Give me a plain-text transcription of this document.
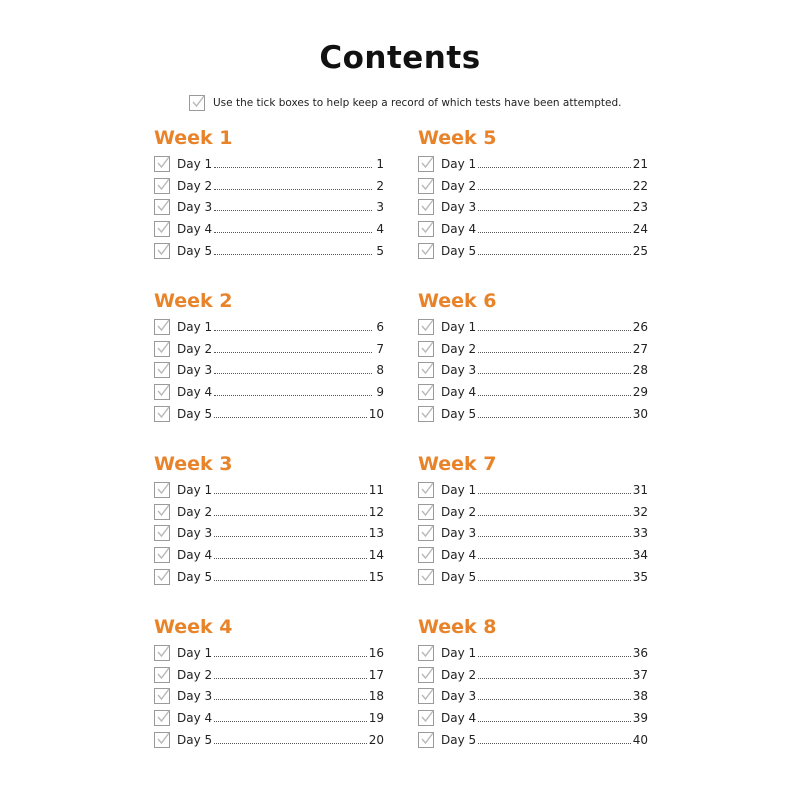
Contents
Use the tick boxes to help keep a record of which tests have been attempted.
Week 1
Day 1	1
Day 2	2
Day 3	3
Day 4	4
Day 5	5
Week 2
Day 1	6
Day 2	7
Day 3	8
Day 4	9
Day 5	10
Week 3
Day 1	11
Day 2	12
Day 3	13
Day 4	14
Day 5	15
Week 4
Day 1	16
Day 2	17
Day 3	18
Day 4	19
Day 5	20
Week 5
Day 1	21
Day 2	22
Day 3	23
Day 4	24
Day 5	25
Week 6
Day 1	26
Day 2	27
Day 3	28
Day 4	29
Day 5	30
Week 7
Day 1	31
Day 2	32
Day 3	33
Day 4	34
Day 5	35
Week 8
Day 1	36
Day 2	37
Day 3	38
Day 4	39
Day 5	40
